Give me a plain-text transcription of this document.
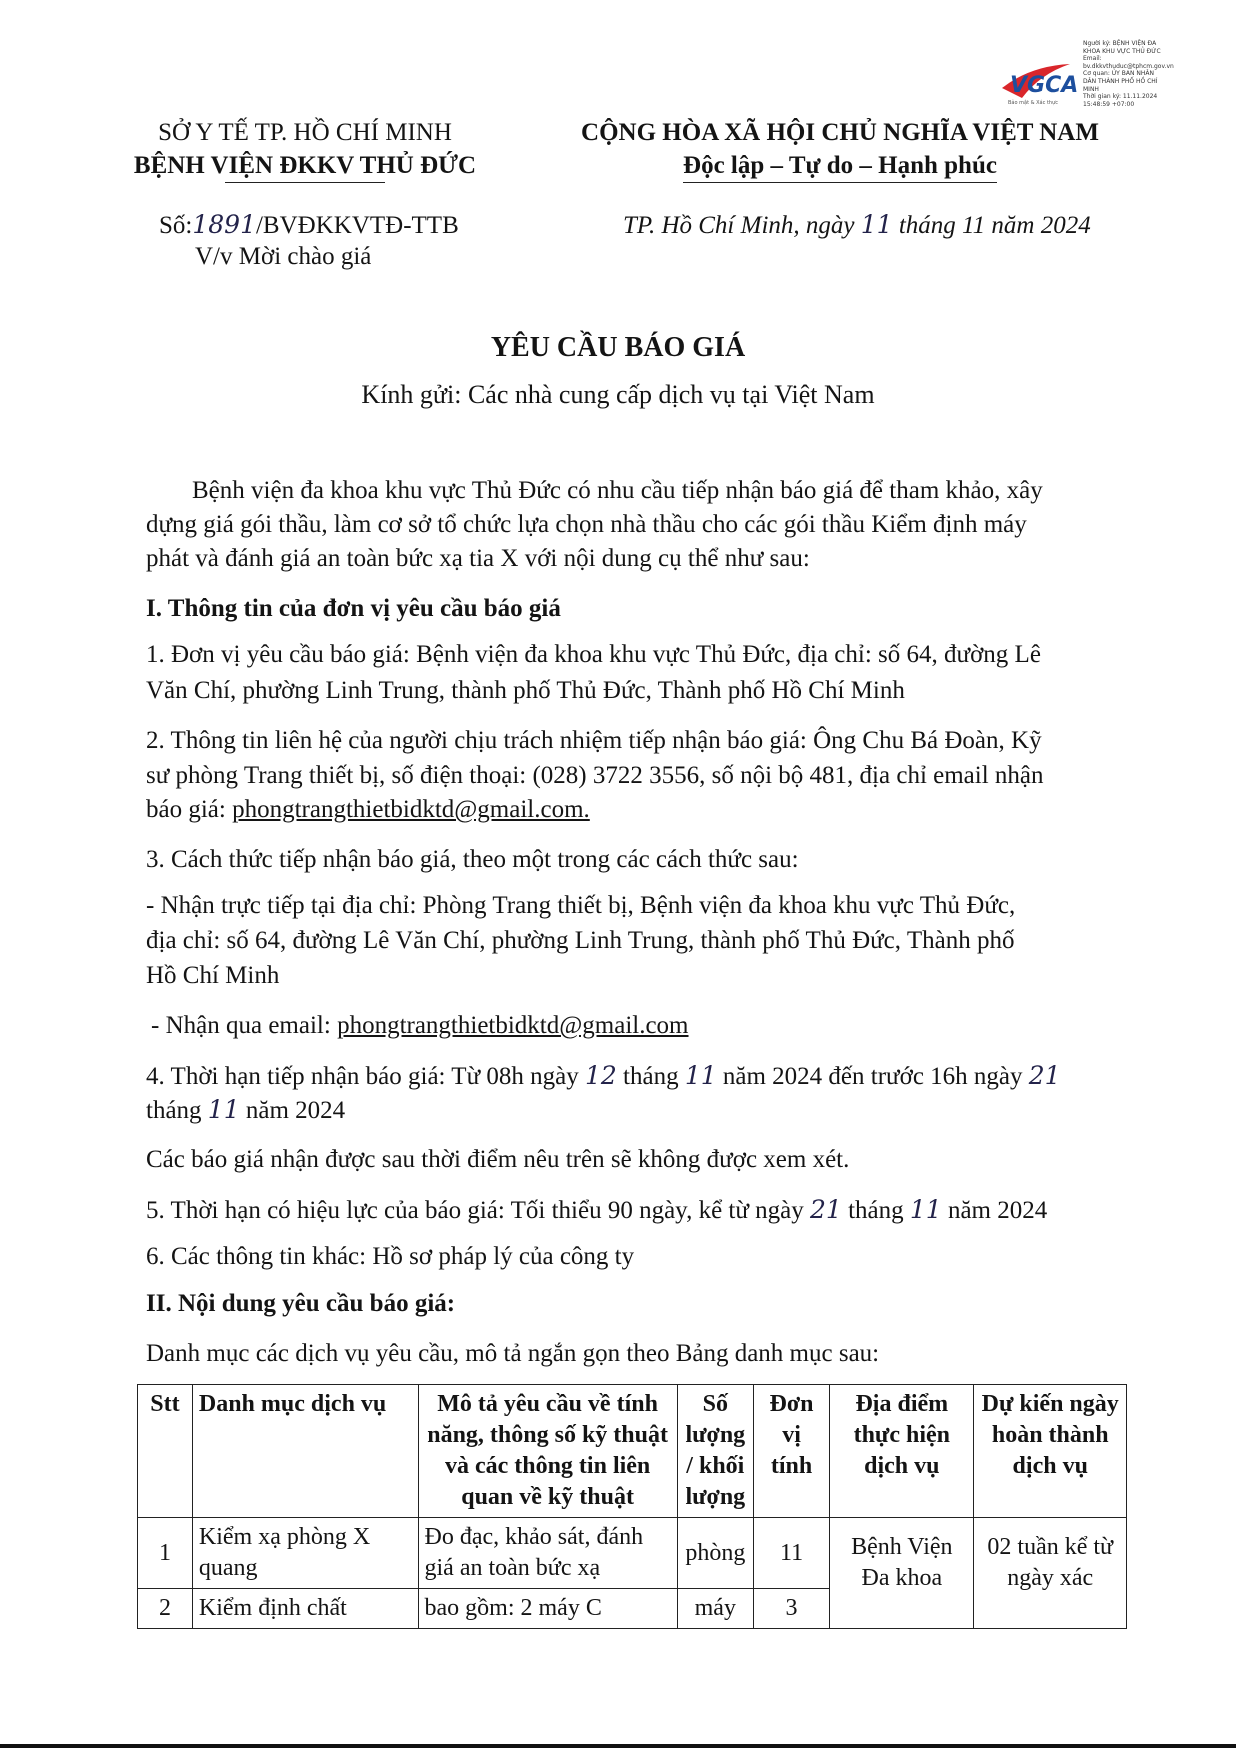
VGCA
Bảo mật & Xác thực
Người ký: BỆNH VIỆN ĐA
KHOA KHU VỰC THỦ ĐỨC
Email:
bv.dkkvthuduc@tphcm.gov.vn
Cơ quan: ỦY BAN NHÂN
DÂN THÀNH PHỐ HỒ CHÍ
MINH
Thời gian ký: 11.11.2024
15:48:59 +07:00
SỞ Y TẾ TP. HỒ CHÍ MINH
BỆNH VIỆN ĐKKV THỦ ĐỨC
CỘNG HÒA XÃ HỘI CHỦ NGHĨA VIỆT NAM
Độc lập – Tự do – Hạnh phúc
Số:1891/BVĐKKVTĐ-TTB
V/v Mời chào giá
TP. Hồ Chí Minh, ngày 11 tháng 11 năm 2024
YÊU CẦU BÁO GIÁ
Kính gửi: Các nhà cung cấp dịch vụ tại Việt Nam
Bệnh viện đa khoa khu vực Thủ Đức có nhu cầu tiếp nhận báo giá để tham khảo, xây
dựng giá gói thầu, làm cơ sở tổ chức lựa chọn nhà thầu cho các gói thầu Kiểm định máy
phát và đánh giá an toàn bức xạ tia X với nội dung cụ thể như sau:
I. Thông tin của đơn vị yêu cầu báo giá
1. Đơn vị yêu cầu báo giá: Bệnh viện đa khoa khu vực Thủ Đức, địa chỉ: số 64, đường Lê
Văn Chí, phường Linh Trung, thành phố Thủ Đức, Thành phố Hồ Chí Minh
2. Thông tin liên hệ của người chịu trách nhiệm tiếp nhận báo giá: Ông Chu Bá Đoàn, Kỹ
sư phòng Trang thiết bị, số điện thoại: (028) 3722 3556, số nội bộ 481, địa chỉ email nhận
báo giá: phongtrangthietbidktd@gmail.com.
3. Cách thức tiếp nhận báo giá, theo một trong các cách thức sau:
- Nhận trực tiếp tại địa chỉ: Phòng Trang thiết bị, Bệnh viện đa khoa khu vực Thủ Đức,
địa chỉ: số 64, đường Lê Văn Chí, phường Linh Trung, thành phố Thủ Đức, Thành phố
Hồ Chí Minh
- Nhận qua email: phongtrangthietbidktd@gmail.com
4. Thời hạn tiếp nhận báo giá: Từ 08h ngày 12 tháng 11 năm 2024 đến trước 16h ngày 21
tháng 11 năm 2024
Các báo giá nhận được sau thời điểm nêu trên sẽ không được xem xét.
5. Thời hạn có hiệu lực của báo giá: Tối thiểu 90 ngày, kể từ ngày 21 tháng 11 năm 2024
6. Các thông tin khác: Hồ sơ pháp lý của công ty
II. Nội dung yêu cầu báo giá:
Danh mục các dịch vụ yêu cầu, mô tả ngắn gọn theo Bảng danh mục sau:
Stt	Danh mục dịch vụ	Mô tả yêu cầu về tính năng, thông số kỹ thuật và các thông tin liên quan về kỹ thuật	Số lượng / khối lượng	Đơn vị tính	Địa điểm thực hiện dịch vụ	Dự kiến ngày hoàn thành dịch vụ
1	Kiểm xạ phòng X quang	Đo đạc, khảo sát, đánh giá an toàn bức xạ	phòng	11	Bệnh Viện Đa khoa	02 tuần kể từ ngày xác
2	Kiểm định chất	bao gồm: 2 máy C	máy	3		
